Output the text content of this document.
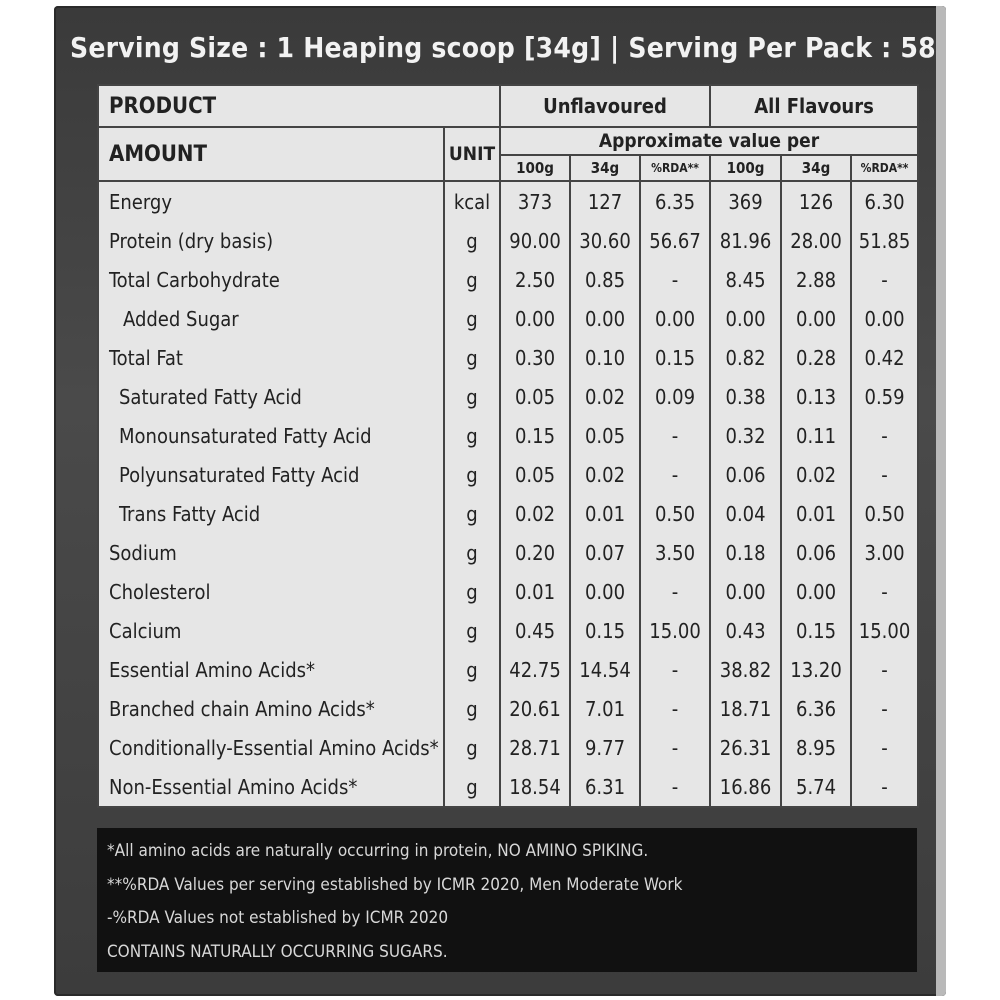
Serving Size : 1 Heaping scoop [34g] | Serving Per Pack : 58
PRODUCT		Unflavoured			All Flavours		
AMOUNT	UNIT	Approximate value per					
		100g	34g	%RDA**	100g	34g	%RDA**
Energy	kcal	373	127	6.35	369	126	6.30
Protein (dry basis)	g	90.00	30.60	56.67	81.96	28.00	51.85
Total Carbohydrate	g	2.50	0.85	-	8.45	2.88	-
Added Sugar	g	0.00	0.00	0.00	0.00	0.00	0.00
Total Fat	g	0.30	0.10	0.15	0.82	0.28	0.42
Saturated Fatty Acid	g	0.05	0.02	0.09	0.38	0.13	0.59
Monounsaturated Fatty Acid	g	0.15	0.05	-	0.32	0.11	-
Polyunsaturated Fatty Acid	g	0.05	0.02	-	0.06	0.02	-
Trans Fatty Acid	g	0.02	0.01	0.50	0.04	0.01	0.50
Sodium	g	0.20	0.07	3.50	0.18	0.06	3.00
Cholesterol	g	0.01	0.00	-	0.00	0.00	-
Calcium	g	0.45	0.15	15.00	0.43	0.15	15.00
Essential Amino Acids*	g	42.75	14.54	-	38.82	13.20	-
Branched chain Amino Acids*	g	20.61	7.01	-	18.71	6.36	-
Conditionally-Essential Amino Acids*	g	28.71	9.77	-	26.31	8.95	-
Non-Essential Amino Acids*	g	18.54	6.31	-	16.86	5.74	-
*All amino acids are naturally occurring in protein, NO AMINO SPIKING.
**%RDA Values per serving established by ICMR 2020, Men Moderate Work
-%RDA Values not established by ICMR 2020
CONTAINS NATURALLY OCCURRING SUGARS.
